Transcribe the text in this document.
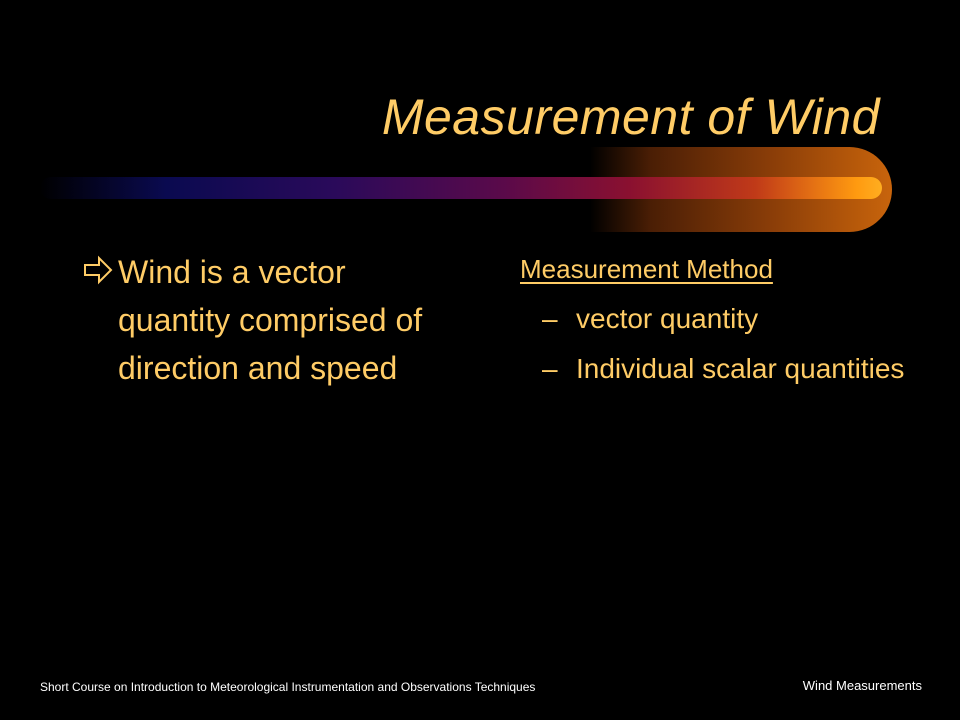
Measurement of Wind
Wind is a vector quantity comprised of direction and speed
Measurement Method
– vector quantity
– Individual scalar quantities
Short Course on Introduction to Meteorological Instrumentation and Observations Techniques	Wind Measurements
